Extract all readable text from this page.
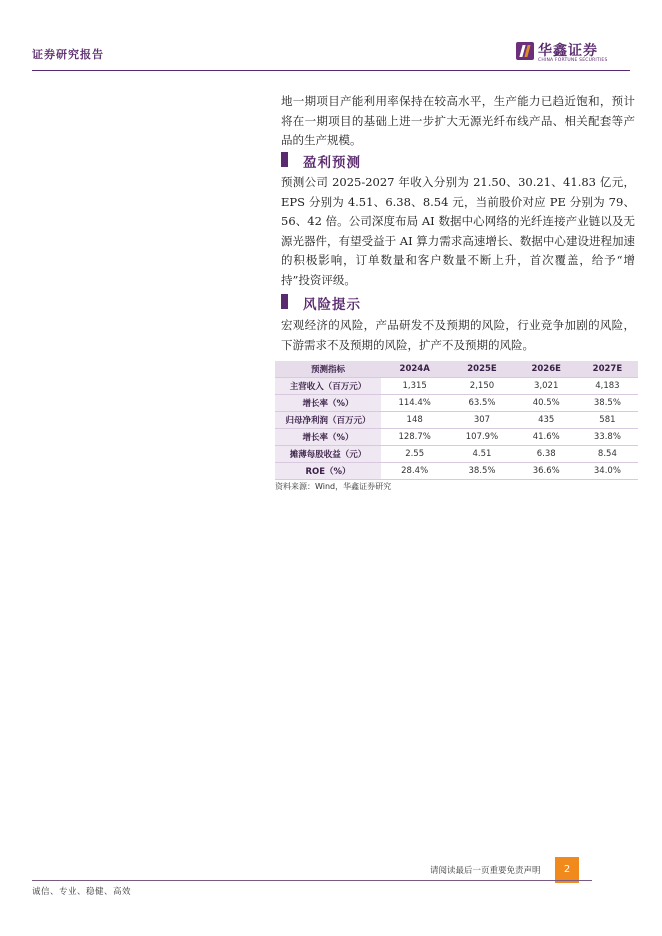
证券研究报告	华鑫证券
CHINA FORTUNE SECURITIES

地一期项目产能利用率保持在较高水平，生产能力已趋近饱和，预计将在一期项目的基础上进一步扩大无源光纤布线产品、相关配套等产品的生产规模。

盈利预测

预测公司 2025-2027 年收入分别为 21.50、30.21、41.83 亿元，EPS 分别为 4.51、6.38、8.54 元，当前股价对应 PE 分别为 79、56、42 倍。公司深度布局 AI 数据中心网络的光纤连接产业链以及无源光器件，有望受益于 AI 算力需求高速增长、数据中心建设进程加速的积极影响，订单数量和客户数量不断上升，首次覆盖，给予“增持”投资评级。

风险提示

宏观经济的风险，产品研发不及预期的风险，行业竞争加剧的风险，下游需求不及预期的风险，扩产不及预期的风险。

预测指标	2024A	2025E	2026E	2027E
主营收入（百万元）	1,315	2,150	3,021	4,183
增长率（%）	114.4%	63.5%	40.5%	38.5%
归母净利润（百万元）	148	307	435	581
增长率（%）	128.7%	107.9%	41.6%	33.8%
摊薄每股收益（元）	2.55	4.51	6.38	8.54
ROE（%）	28.4%	38.5%	36.6%	34.0%
资料来源：Wind，华鑫证券研究
请阅读最后一页重要免责声明	2
诚信、专业、稳健、高效
